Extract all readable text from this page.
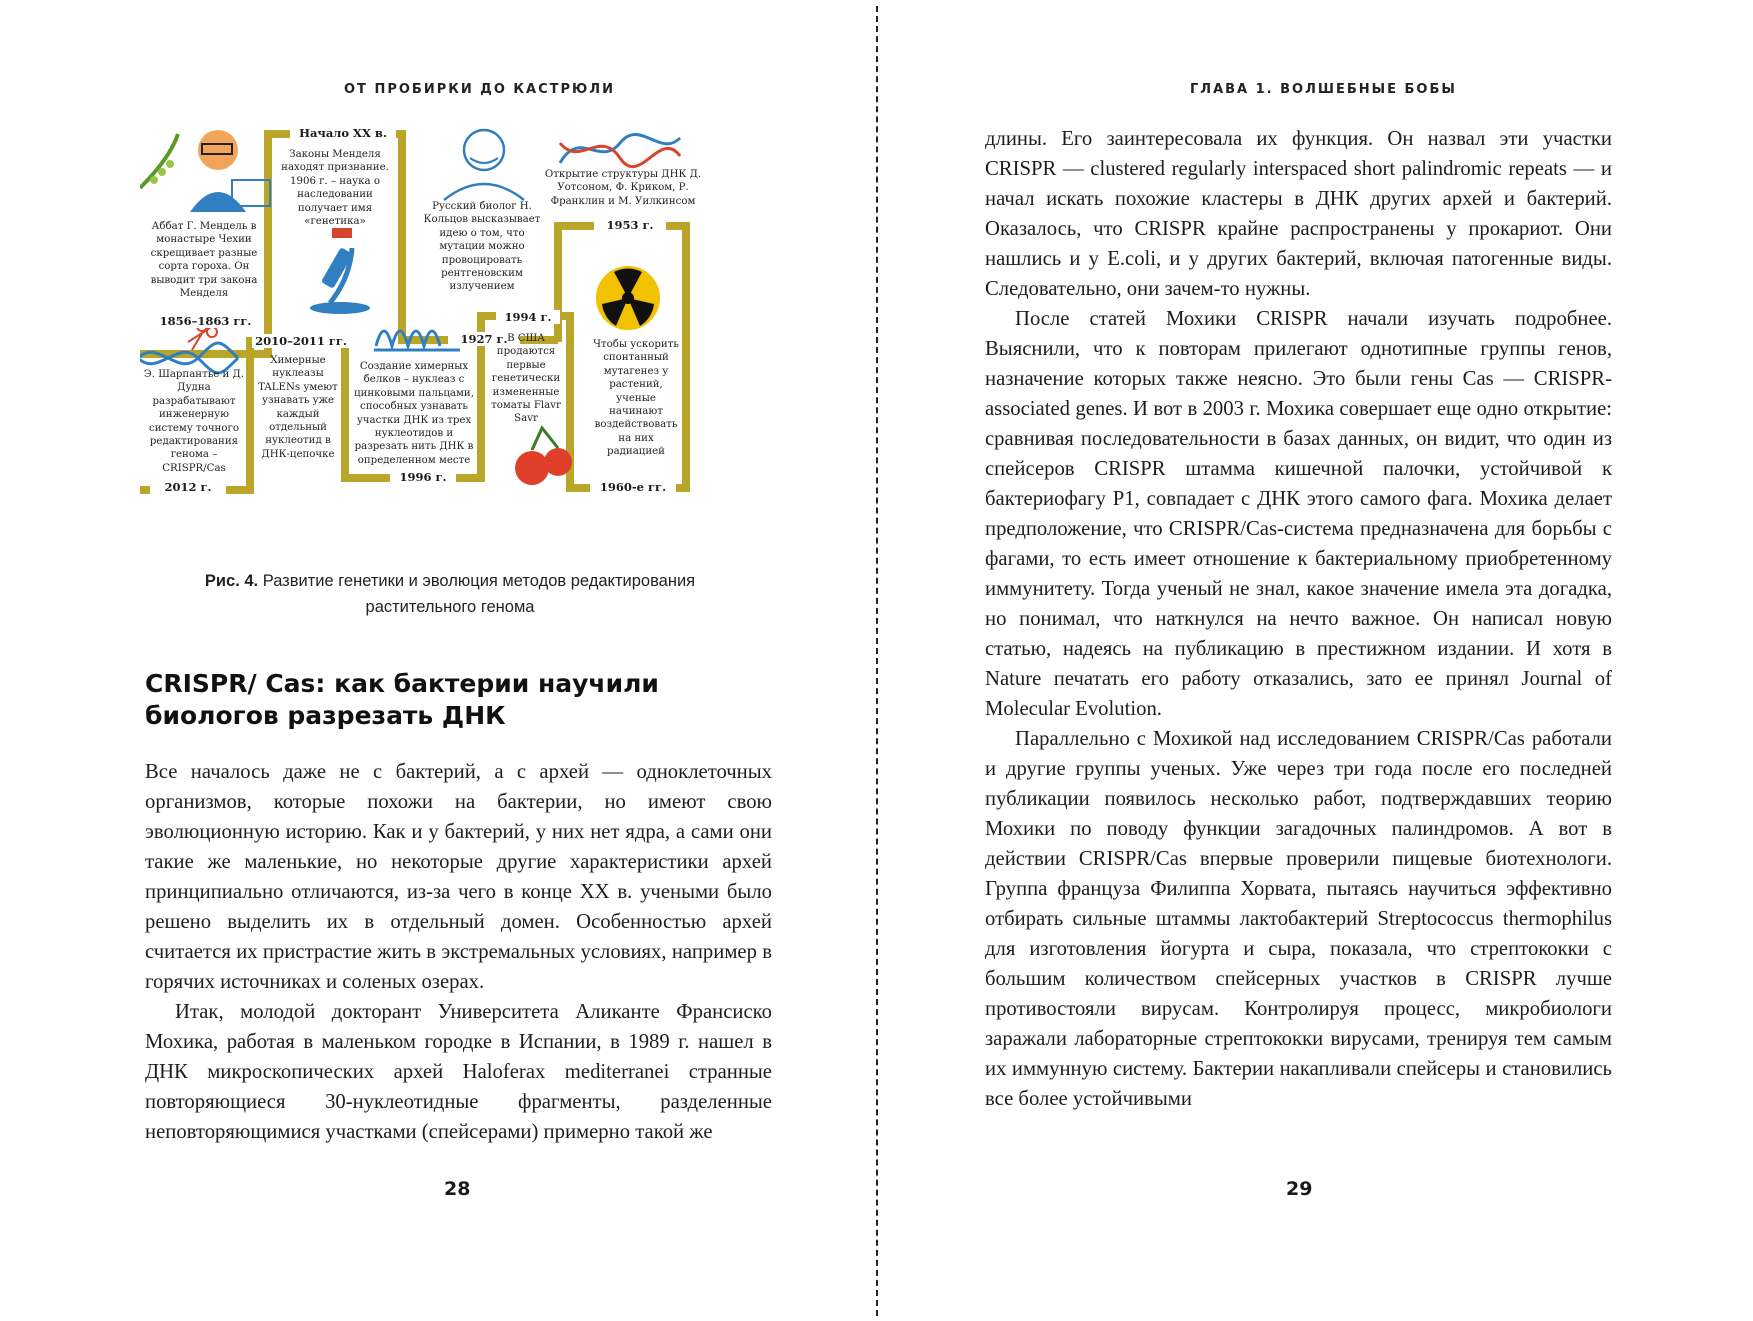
ОТ ПРОБИРКИ ДО КАСТРЮЛИ
Аббат Г. Мендель в монастыре Чехии скрещивает разные сорта гороха. Он выводит три закона Менделя
1856–1863 гг.
Законы Менделя находят признание. 1906 г. – наука о наследовании получает имя «генетика»
Начало XX в.
Русский биолог Н. Кольцов высказывает идею о том, что мутации можно провоцировать рентгеновским излучением
1927 г.
Открытие структуры ДНК Д. Уотсоном, Ф. Криком, Р. Франклин и М. Уилкинсом
1953 г.
Чтобы ускорить спонтанный мутагенез у растений, ученые начинают воздействовать на них радиацией
1960-е гг.
В США продаются первые генетически измененные томаты Flavr Savr
1994 г.
Создание химерных белков – нуклеаз с цинковыми пальцами, способных узнавать участки ДНК из трех нуклеотидов и разрезать нить ДНК в определенном месте
1996 г.
Химерные нуклеазы TALENs умеют узнавать уже каждый отдельный нуклеотид в ДНК-цепочке
2010–2011 гг.
Э. Шарпантье и Д. Дудна разрабатывают инженерную систему точного редактирования генома – CRISPR/Cas
2012 г.
Рис. 4. Развитие генетики и эволюция методов редактирования растительного генома
CRISPR/ Cas: как бактерии научили биологов разрезать ДНК

Все началось даже не с бактерий, а с архей — одноклеточных организмов, которые похожи на бактерии, но имеют свою эволюционную историю. Как и у бактерий, у них нет ядра, а сами они такие же маленькие, но некоторые другие характеристики архей принципиально отличаются, из-за чего в конце XX в. учеными было решено выделить их в отдельный домен. Особенностью архей считается их пристрастие жить в экстремальных условиях, например в горячих источниках и соленых озерах.

Итак, молодой докторант Университета Аликанте Франсиско Мохика, работая в маленьком городке в Испании, в 1989 г. нашел в ДНК микроскопических архей Haloferax mediterranei странные повторяющиеся 30-нуклеотидные фрагменты, разделенные неповторяющимися участками (спейсерами) примерно такой же

28
ГЛАВА 1. ВОЛШЕБНЫЕ БОБЫ

длины. Его заинтересовала их функция. Он назвал эти участки CRISPR — clustered regularly interspaced short palindromic repeats — и начал искать похожие кластеры в ДНК других архей и бактерий. Оказалось, что CRISPR крайне распространены у прокариот. Они нашлись и у E.coli, и у других бактерий, включая патогенные виды. Следовательно, они зачем-то нужны.

После статей Мохики CRISPR начали изучать подробнее. Выяснили, что к повторам прилегают однотипные группы генов, назначение которых также неясно. Это были гены Cas — CRISPR-associated genes. И вот в 2003 г. Мохика совершает еще одно открытие: сравнивая последовательности в базах данных, он видит, что один из спейсеров CRISPR штамма кишечной палочки, устойчивой к бактериофагу P1, совпадает с ДНК этого самого фага. Мохика делает предположение, что CRISPR/Cas-система предназначена для борьбы с фагами, то есть имеет отношение к бактериальному приобретенному иммунитету. Тогда ученый не знал, какое значение имела эта догадка, но понимал, что наткнулся на нечто важное. Он написал новую статью, надеясь на публикацию в престижном издании. И хотя в Nature печатать его работу отказались, зато ее принял Journal of Molecular Evolution.

Параллельно с Мохикой над исследованием CRISPR/Cas работали и другие группы ученых. Уже через три года после его последней публикации появилось несколько работ, подтверждавших теорию Мохики по поводу функции загадочных палиндромов. А вот в действии CRISPR/Cas впервые проверили пищевые биотехнологи. Группа француза Филиппа Хорвата, пытаясь научиться эффективно отбирать сильные штаммы лактобактерий Streptococcus thermophilus для изготовления йогурта и сыра, показала, что стрептококки с большим количеством спейсерных участков в CRISPR лучше противостояли вирусам. Контролируя процесс, микробиологи заражали лабораторные стрептококки вирусами, тренируя тем самым их иммунную систему. Бактерии накапливали спейсеры и становились все более устойчивыми

29
